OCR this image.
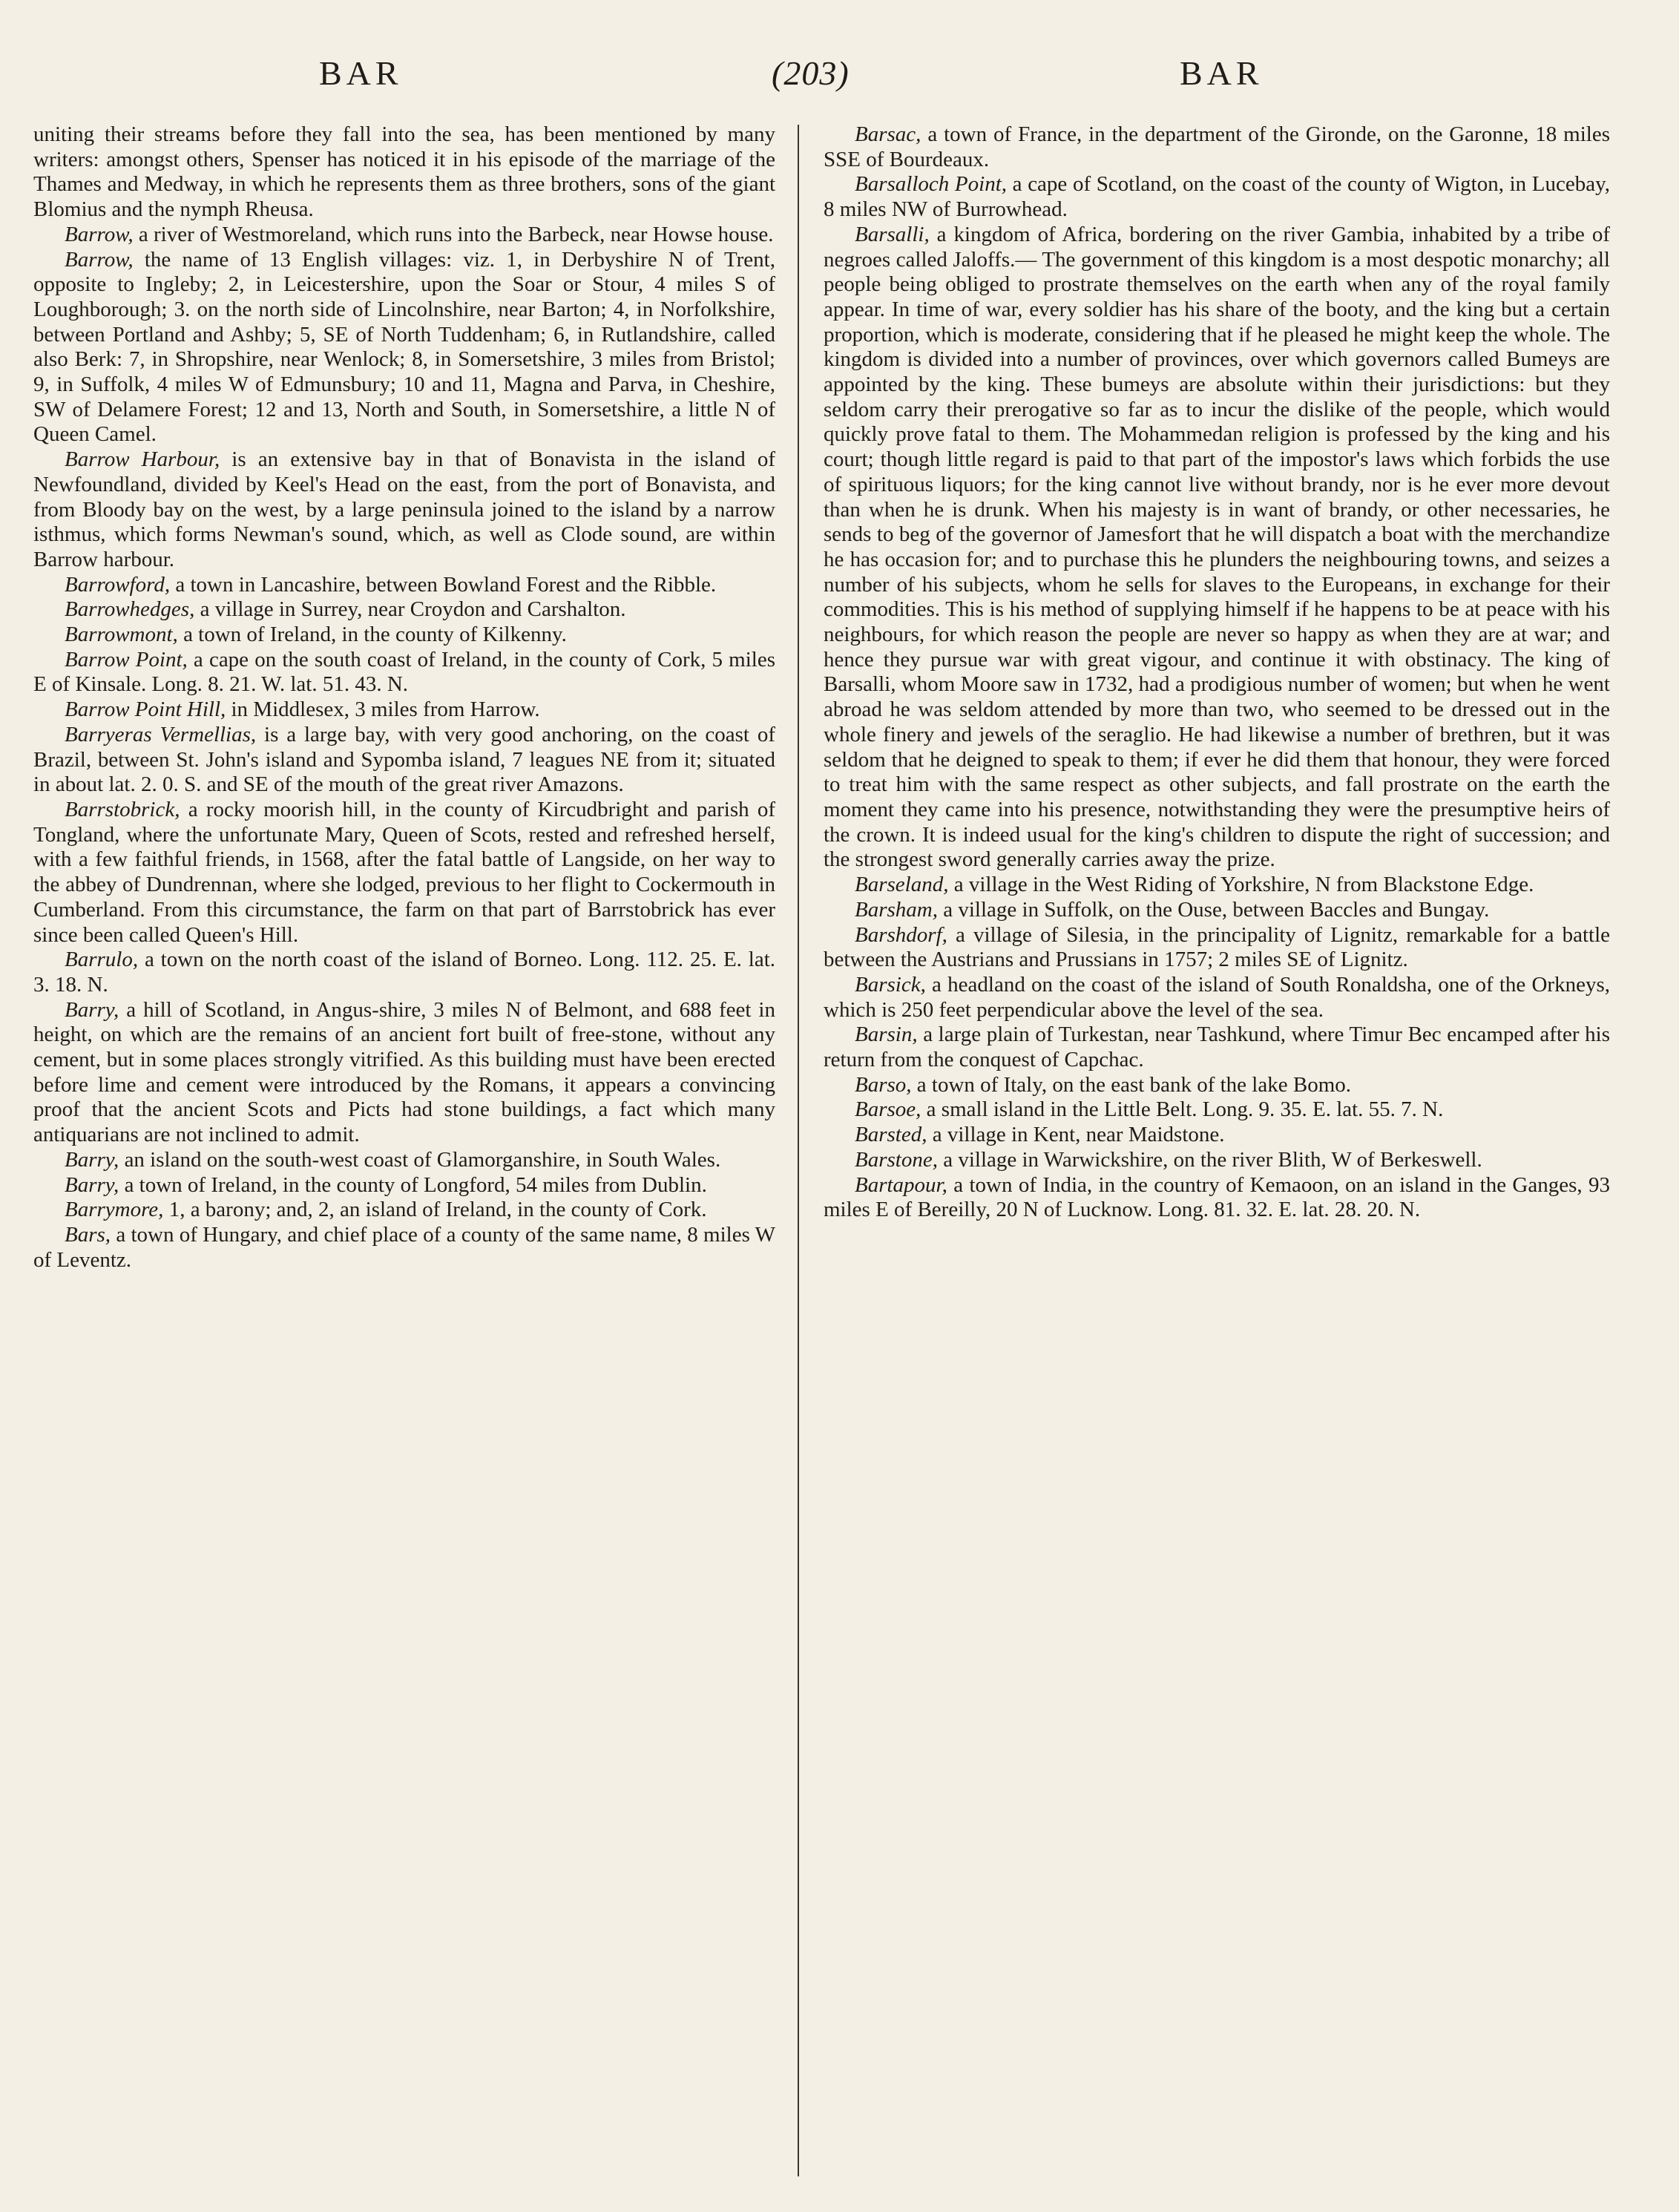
BAR	(203)	BAR

uniting their streams before they fall into the sea, has been mentioned by many writers: amongst others, Spenser has noticed it in his episode of the marriage of the Thames and Medway, in which he represents them as three brothers, sons of the giant Blomius and the nymph Rheusa.

Barrow, a river of Westmoreland, which runs into the Barbeck, near Howse house.

Barrow, the name of 13 English villages: viz. 1, in Derbyshire N of Trent, opposite to Ingleby; 2, in Leicestershire, upon the Soar or Stour, 4 miles S of Loughborough; 3. on the north side of Lincolnshire, near Barton; 4, in Norfolkshire, between Portland and Ashby; 5, SE of North Tuddenham; 6, in Rutlandshire, called also Berk: 7, in Shropshire, near Wenlock; 8, in Somersetshire, 3 miles from Bristol; 9, in Suffolk, 4 miles W of Edmunsbury; 10 and 11, Magna and Parva, in Cheshire, SW of Delamere Forest; 12 and 13, North and South, in Somersetshire, a little N of Queen Camel.

Barrow Harbour, is an extensive bay in that of Bonavista in the island of Newfoundland, divided by Keel's Head on the east, from the port of Bonavista, and from Bloody bay on the west, by a large peninsula joined to the island by a narrow isthmus, which forms Newman's sound, which, as well as Clode sound, are within Barrow harbour.

Barrowford, a town in Lancashire, between Bowland Forest and the Ribble.

Barrowhedges, a village in Surrey, near Croydon and Carshalton.

Barrowmont, a town of Ireland, in the county of Kilkenny.

Barrow Point, a cape on the south coast of Ireland, in the county of Cork, 5 miles E of Kinsale. Long. 8. 21. W. lat. 51. 43. N.

Barrow Point Hill, in Middlesex, 3 miles from Harrow.

Barryeras Vermellias, is a large bay, with very good anchoring, on the coast of Brazil, between St. John's island and Sypomba island, 7 leagues NE from it; situated in about lat. 2. 0. S. and SE of the mouth of the great river Amazons.

Barrstobrick, a rocky moorish hill, in the county of Kircudbright and parish of Tongland, where the unfortunate Mary, Queen of Scots, rested and refreshed herself, with a few faithful friends, in 1568, after the fatal battle of Langside, on her way to the abbey of Dundrennan, where she lodged, previous to her flight to Cockermouth in Cumberland. From this circumstance, the farm on that part of Barrstobrick has ever since been called Queen's Hill.

Barrulo, a town on the north coast of the island of Borneo. Long. 112. 25. E. lat. 3. 18. N.

Barry, a hill of Scotland, in Angus-shire, 3 miles N of Belmont, and 688 feet in height, on which are the remains of an ancient fort built of free-stone, without any cement, but in some places strongly vitrified. As this building must have been erected before lime and cement were introduced by the Romans, it appears a convincing proof that the ancient Scots and Picts had stone buildings, a fact which many antiquarians are not inclined to admit.

Barry, an island on the south-west coast of Glamorganshire, in South Wales.

Barry, a town of Ireland, in the county of Longford, 54 miles from Dublin.

Barrymore, 1, a barony; and, 2, an island of Ireland, in the county of Cork.

Bars, a town of Hungary, and chief place of a county of the same name, 8 miles W of Leventz.

Barsac, a town of France, in the department of the Gironde, on the Garonne, 18 miles SSE of Bourdeaux.

Barsalloch Point, a cape of Scotland, on the coast of the county of Wigton, in Lucebay, 8 miles NW of Burrowhead.

Barsalli, a kingdom of Africa, bordering on the river Gambia, inhabited by a tribe of negroes called Jaloffs.— The government of this kingdom is a most despotic monarchy; all people being obliged to prostrate themselves on the earth when any of the royal family appear. In time of war, every soldier has his share of the booty, and the king but a certain proportion, which is moderate, considering that if he pleased he might keep the whole. The kingdom is divided into a number of provinces, over which governors called Bumeys are appointed by the king. These bumeys are absolute within their jurisdictions: but they seldom carry their prerogative so far as to incur the dislike of the people, which would quickly prove fatal to them. The Mohammedan religion is professed by the king and his court; though little regard is paid to that part of the impostor's laws which forbids the use of spirituous liquors; for the king cannot live without brandy, nor is he ever more devout than when he is drunk. When his majesty is in want of brandy, or other necessaries, he sends to beg of the governor of Jamesfort that he will dispatch a boat with the merchandize he has occasion for; and to purchase this he plunders the neighbouring towns, and seizes a number of his subjects, whom he sells for slaves to the Europeans, in exchange for their commodities. This is his method of supplying himself if he happens to be at peace with his neighbours, for which reason the people are never so happy as when they are at war; and hence they pursue war with great vigour, and continue it with obstinacy. The king of Barsalli, whom Moore saw in 1732, had a prodigious number of women; but when he went abroad he was seldom attended by more than two, who seemed to be dressed out in the whole finery and jewels of the seraglio. He had likewise a number of brethren, but it was seldom that he deigned to speak to them; if ever he did them that honour, they were forced to treat him with the same respect as other subjects, and fall prostrate on the earth the moment they came into his presence, notwithstanding they were the presumptive heirs of the crown. It is indeed usual for the king's children to dispute the right of succession; and the strongest sword generally carries away the prize.

Barseland, a village in the West Riding of Yorkshire, N from Blackstone Edge.

Barsham, a village in Suffolk, on the Ouse, between Baccles and Bungay.

Barshdorf, a village of Silesia, in the principality of Lignitz, remarkable for a battle between the Austrians and Prussians in 1757; 2 miles SE of Lignitz.

Barsick, a headland on the coast of the island of South Ronaldsha, one of the Orkneys, which is 250 feet perpendicular above the level of the sea.

Barsin, a large plain of Turkestan, near Tashkund, where Timur Bec encamped after his return from the conquest of Capchac.

Barso, a town of Italy, on the east bank of the lake Bomo.

Barsoe, a small island in the Little Belt. Long. 9. 35. E. lat. 55. 7. N.

Barsted, a village in Kent, near Maidstone.

Barstone, a village in Warwickshire, on the river Blith, W of Berkeswell.

Bartapour, a town of India, in the country of Kemaoon, on an island in the Ganges, 93 miles E of Bereilly, 20 N of Lucknow. Long. 81. 32. E. lat. 28. 20. N.
